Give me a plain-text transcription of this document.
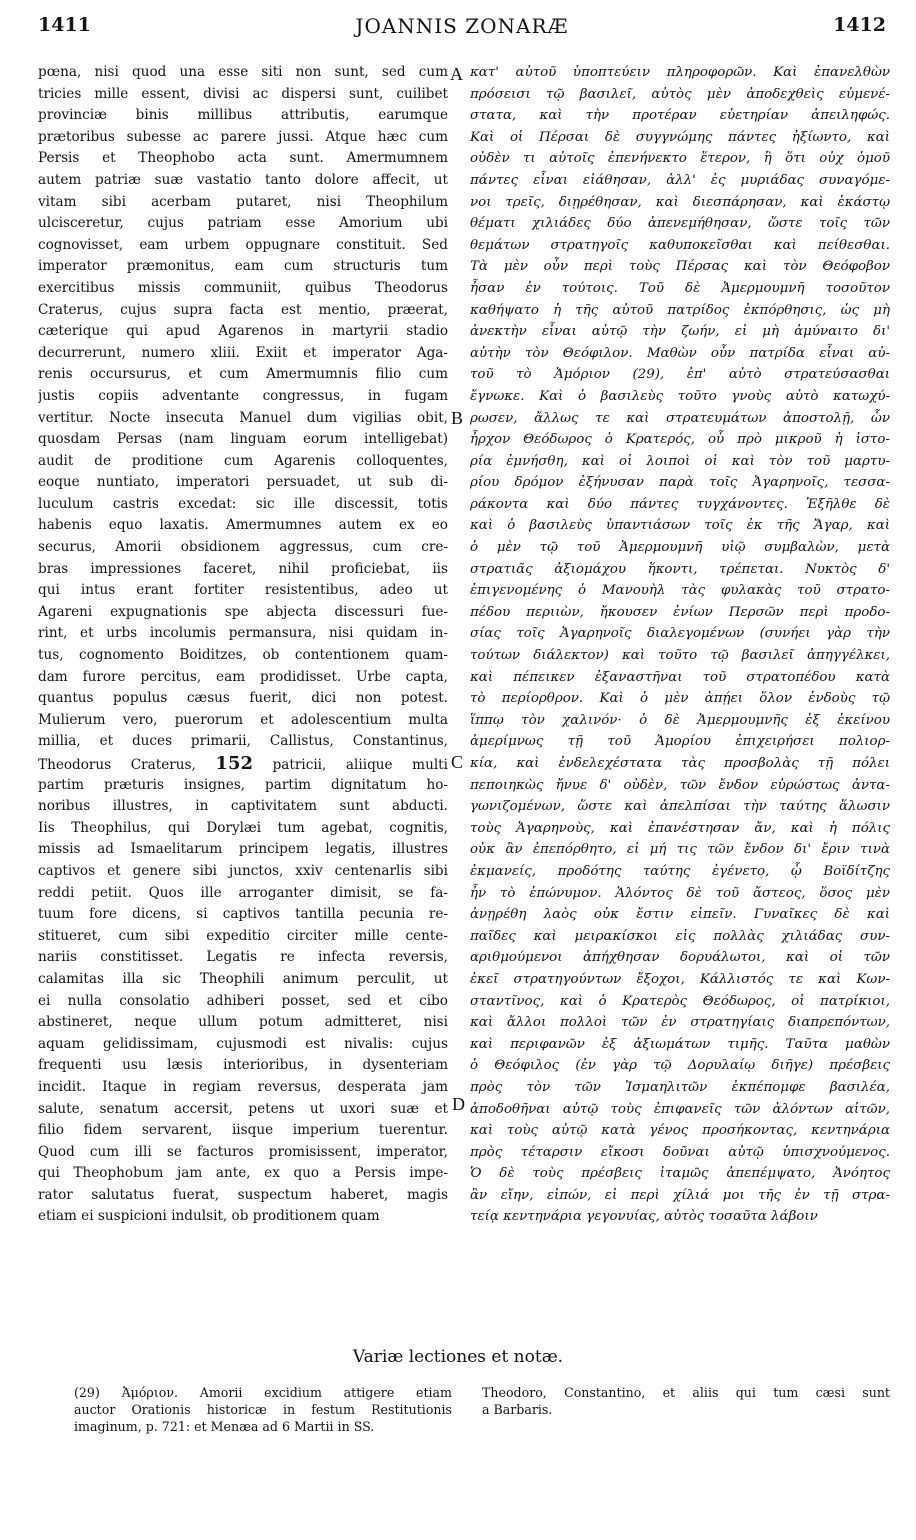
1411	JOANNIS ZONARÆ	1412
pœna, nisi quod una esse siti non sunt, sed cum
tricies mille essent, divisi ac dispersi sunt, cuilibet
provinciæ binis millibus attributis, earumque
prætoribus subesse ac parere jussi. Atque hæc cum
Persis et Theophobo acta sunt. Amermumnem
autem patriæ suæ vastatio tanto dolore affecit, ut
vitam sibi acerbam putaret, nisi Theophilum
ulcisceretur, cujus patriam esse Amorium ubi
cognovisset, eam urbem oppugnare constituit. Sed
imperator præmonitus, eam cum structuris tum
exercitibus missis communiit, quibus Theodorus
Craterus, cujus supra facta est mentio, præerat,
cæterique qui apud Agarenos in martyrii stadio
decurrerunt, numero xliii. Exiit et imperator Aga-
renis occursurus, et cum Amermumnis filio cum
justis copiis adventante congressus, in fugam
vertitur. Nocte insecuta Manuel dum vigilias obit,
quosdam Persas (nam linguam eorum intelligebat)
audit de proditione cum Agarenis colloquentes,
eoque nuntiato, imperatori persuadet, ut sub di-
luculum castris excedat: sic ille discessit, totis
habenis equo laxatis. Amermumnes autem ex eo
securus, Amorii obsidionem aggressus, cum cre-
bras impressiones faceret, nihil proficiebat, iis
qui intus erant fortiter resistentibus, adeo ut
Agareni expugnationis spe abjecta discessuri fue-
rint, et urbs incolumis permansura, nisi quidam in-
tus, cognomento Boiditzes, ob contentionem quam-
dam furore percitus, eam prodidisset. Urbe capta,
quantus populus cæsus fuerit, dici non potest.
Mulierum vero, puerorum et adolescentium multa
millia, et duces primarii, Callistus, Constantinus,
Theodorus Craterus, 152 patricii, aliique multi
partim præturis insignes, partim dignitatum ho-
noribus illustres, in captivitatem sunt abducti.
Iis Theophilus, qui Dorylæi tum agebat, cognitis,
missis ad Ismaelitarum principem legatis, illustres
captivos et genere sibi junctos, xxiv centenarlis sibi
reddi petiit. Quos ille arroganter dimisit, se fa-
tuum fore dicens, si captivos tantilla pecunia re-
stitueret, cum sibi expeditio circiter mille cente-
nariis constitisset. Legatis re infecta reversis,
calamitas illa sic Theophili animum perculit, ut
ei nulla consolatio adhiberi posset, sed et cibo
abstineret, neque ullum potum admitteret, nisi
aquam gelidissimam, cujusmodi est nivalis: cujus
frequenti usu læsis interioribus, in dysenteriam
incidit. Itaque in regiam reversus, desperata jam
salute, senatum accersit, petens ut uxori suæ et
filio fidem servarent, iisque imperium tuerentur.
Quod cum illi se facturos promisissent, imperator,
qui Theophobum jam ante, ex quo a Persis impe-
rator salutatus fuerat, suspectum haberet, magis
etiam ei suspicioni indulsit, ob proditionem quam
A
B
C
D
κατ' αὐτοῦ ὑποπτεύειν πληροφορῶν. Καὶ ἐπανελθὼν
πρόσεισι τῷ βασιλεῖ, αὐτὸς μὲν ἀποδεχθεὶς εὐμενέ-
στατα, καὶ τὴν προτέραν εὐετηρίαν ἀπειληφώς.
Καὶ οἱ Πέρσαι δὲ συγγνώμης πάντες ἠξίωντο, καὶ
οὐδὲν τι αὐτοῖς ἐπενήνεκτο ἕτερον, ἢ ὅτι οὐχ ὁμοῦ
πάντες εἶναι εἰάθησαν, ἀλλ' ἐς μυριάδας συναγόμε-
νοι τρεῖς, διῃρέθησαν, καὶ διεσπάρησαν, καὶ ἑκάστῳ
θέματι χιλιάδες δύο ἀπενεμήθησαν, ὥστε τοῖς τῶν
θεμάτων στρατηγοῖς καθυποκεῖσθαι καὶ πείθεσθαι.
Τὰ μὲν οὖν περὶ τοὺς Πέρσας καὶ τὸν Θεόφοβον
ἦσαν ἐν τούτοις. Τοῦ δὲ Ἀμερμουμνῆ τοσοῦτον
καθήψατο ἡ τῆς αὐτοῦ πατρίδος ἐκπόρθησις, ὡς μὴ
ἀνεκτὴν εἶναι αὐτῷ τὴν ζωήν, εἰ μὴ ἀμύναιτο δι'
αὐτὴν τὸν Θεόφιλον. Μαθὼν οὖν πατρίδα εἶναι αὐ-
τοῦ τὸ Ἀμόριον (29), ἐπ' αὐτὸ στρατεύσασθαι
ἔγνωκε. Καὶ ὁ βασιλεὺς τοῦτο γνοὺς αὐτὸ κατωχύ-
ρωσεν, ἄλλως τε καὶ στρατευμάτων ἀποστολῇ, ὧν
ἦρχον Θεόδωρος ὁ Κρατερός, οὗ πρὸ μικροῦ ἡ ἱστο-
ρία ἐμνήσθη, καὶ οἱ λοιποὶ οἱ καὶ τὸν τοῦ μαρτυ-
ρίου δρόμον ἐξήνυσαν παρὰ τοῖς Ἀγαρηνοῖς, τεσσα-
ράκοντα καὶ δύο πάντες τυγχάνοντες. Ἐξῆλθε δὲ
καὶ ὁ βασιλεὺς ὑπαντιάσων τοῖς ἐκ τῆς Ἄγαρ, καὶ
ὁ μὲν τῷ τοῦ Ἀμερμουμνῆ υἱῷ συμβαλὼν, μετὰ
στρατιᾶς ἀξιομάχου ἥκοντι, τρέπεται. Νυκτὸς δ'
ἐπιγενομένης ὁ Μανουὴλ τὰς φυλακὰς τοῦ στρατο-
πέδου περιιὼν, ἤκουσεν ἐνίων Περσῶν περὶ προδο-
σίας τοῖς Ἀγαρηνοῖς διαλεγομένων (συνήει γὰρ τὴν
τούτων διάλεκτον) καὶ τοῦτο τῷ βασιλεῖ ἀπηγγέλκει,
καὶ πέπεικεν ἐξαναστῆναι τοῦ στρατοπέδου κατὰ
τὸ περίορθρον. Καὶ ὁ μὲν ἀπῄει ὅλον ἐνδοὺς τῷ
ἵππῳ τὸν χαλινόν· ὁ δὲ Ἀμερμουμνῆς ἐξ ἐκείνου
ἀμερίμνως τῇ τοῦ Ἀμορίου ἐπιχειρήσει πολιορ-
κία, καὶ ἐνδελεχέστατα τὰς προσβολὰς τῇ πόλει
πεποιηκὼς ἤνυε δ' οὐδὲν, τῶν ἔνδον εὐρώστως ἀντα-
γωνιζομένων, ὥστε καὶ ἀπελπίσαι τὴν ταύτης ἅλωσιν
τοὺς Ἀγαρηνοὺς, καὶ ἐπανέστησαν ἄν, καὶ ἡ πόλις
οὐκ ἂν ἐπεπόρθητο, εἰ μή τις τῶν ἔνδον δι' ἔριν τινὰ
ἐκμανείς, προδότης ταύτης ἐγένετο, ᾧ Βοϊδίτζης
ἦν τὸ ἐπώνυμον. Ἁλόντος δὲ τοῦ ἄστεος, ὅσος μὲν
ἀνῃρέθη λαὸς οὐκ ἔστιν εἰπεῖν. Γυναῖκες δὲ καὶ
παῖδες καὶ μειρακίσκοι εἰς πολλὰς χιλιάδας συν-
αριθμούμενοι ἀπήχθησαν δορυάλωτοι, καὶ οἱ τῶν
ἐκεῖ στρατηγούντων ἔξοχοι, Κάλλιστός τε καὶ Κων-
σταντῖνος, καὶ ὁ Κρατερὸς Θεόδωρος, οἱ πατρίκιοι,
καὶ ἄλλοι πολλοὶ τῶν ἐν στρατηγίαις διαπρεπόντων,
καὶ περιφανῶν ἐξ ἀξιωμάτων τιμῆς. Ταῦτα μαθὼν
ὁ Θεόφιλος (ἐν γὰρ τῷ Δορυλαίῳ διῆγε) πρέσβεις
πρὸς τὸν τῶν Ἰσμαηλιτῶν ἐκπέπομφε βασιλέα,
ἀποδοθῆναι αὐτῷ τοὺς ἐπιφανεῖς τῶν ἁλόντων αἰτῶν,
καὶ τοὺς αὐτῷ κατὰ γένος προσήκοντας, κεντηνάρια
πρὸς τέταρσιν εἴκοσι δοῦναι αὐτῷ ὑπισχνούμενος.
Ὁ δὲ τοὺς πρέσβεις ἰταμῶς ἀπεπέμψατο, Ἀνόητος
ἂν εἴην, εἰπών, εἰ περὶ χίλιά μοι τῆς ἐν τῇ στρα-
τείᾳ κεντηνάρια γεγονυίας, αὐτὸς τοσαῦτα λάβοιν
Variæ lectiones et notæ.
(29) Ἀμόριον. Amorii excidium attigere etiam
auctor Orationis historicæ in festum Restitutionis
imaginum, p. 721: et Menæa ad 6 Martii in SS.
Theodoro, Constantino, et aliis qui tum cæsi sunt
a Barbaris.
